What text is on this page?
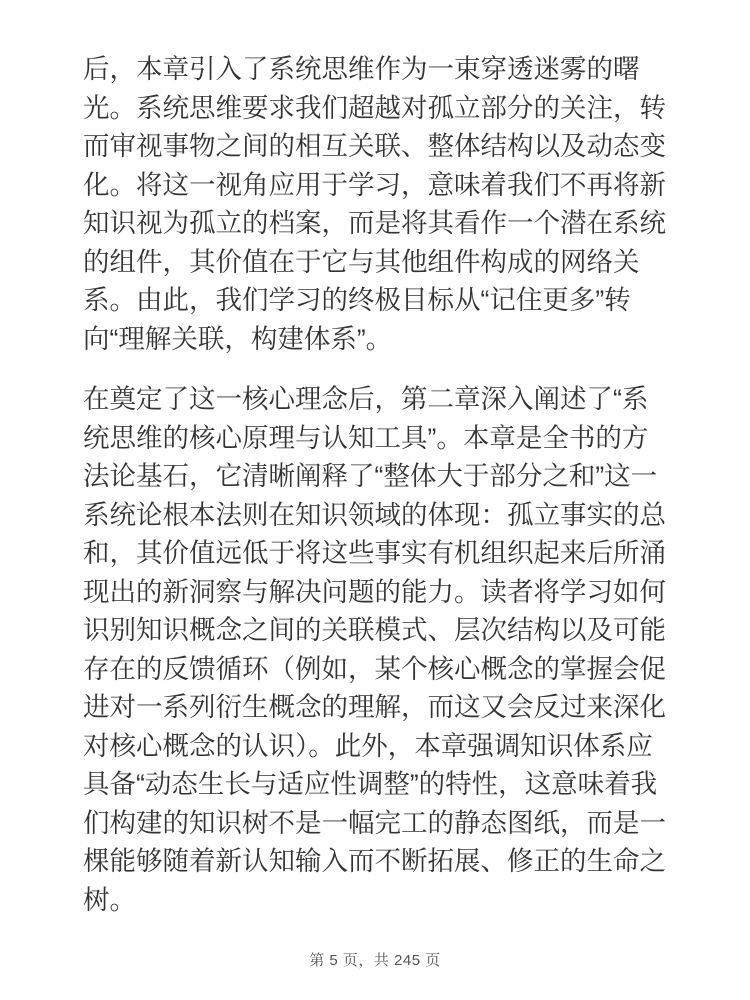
后，本章引入了系统思维作为一束穿透迷雾的曙光。系统思维要求我们超越对孤立部分的关注，转而审视事物之间的相互关联、整体结构以及动态变化。将这一视角应用于学习，意味着我们不再将新知识视为孤立的档案，而是将其看作一个潜在系统的组件，其价值在于它与其他组件构成的网络关系。由此，我们学习的终极目标从“记住更多”转向“理解关联，构建体系”。

在奠定了这一核心理念后，第二章深入阐述了“系统思维的核心原理与认知工具”。本章是全书的方法论基石，它清晰阐释了“整体大于部分之和”这一系统论根本法则在知识领域的体现：孤立事实的总和，其价值远低于将这些事实有机组织起来后所涌现出的新洞察与解决问题的能力。读者将学习如何识别知识概念之间的关联模式、层次结构以及可能存在的反馈循环（例如，某个核心概念的掌握会促进对一系列衍生概念的理解，而这又会反过来深化对核心概念的认识）。此外，本章强调知识体系应具备“动态生长与适应性调整”的特性，这意味着我们构建的知识树不是一幅完工的静态图纸，而是一棵能够随着新认知输入而不断拓展、修正的生命之树。

第 5 页，共 245 页
